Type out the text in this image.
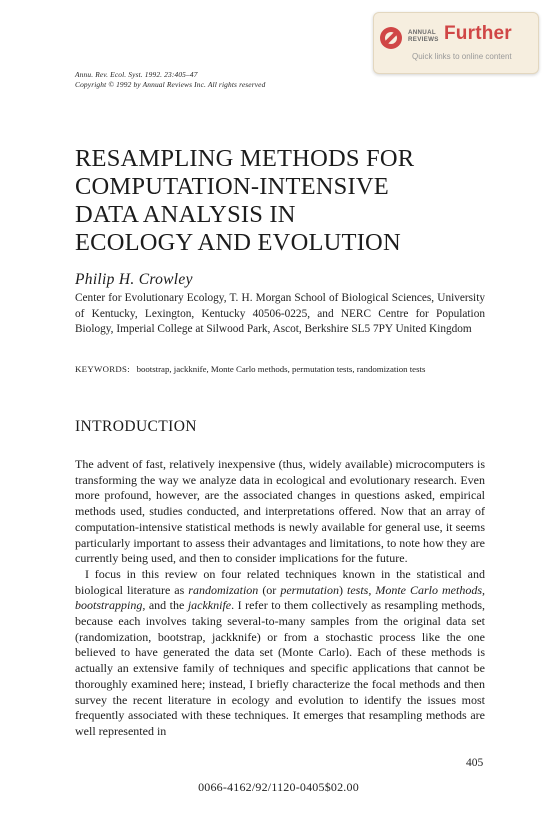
Annu. Rev. Ecol. Syst. 1992. 23:405–47
Copyright © 1992 by Annual Reviews Inc. All rights reserved
ANNUAL
REVIEWS Further
Quick links to online content
RESAMPLING METHODS FOR
COMPUTATION-INTENSIVE
DATA ANALYSIS IN
ECOLOGY AND EVOLUTION
Philip H. Crowley
Center for Evolutionary Ecology, T. H. Morgan School of Biological Sciences, University of Kentucky, Lexington, Kentucky 40506-0225, and NERC Centre for Population Biology, Imperial College at Silwood Park, Ascot, Berkshire SL5 7PY United Kingdom
KEYWORDS: bootstrap, jackknife, Monte Carlo methods, permutation tests, randomization tests
INTRODUCTION

The advent of fast, relatively inexpensive (thus, widely available) microcomputers is transforming the way we analyze data in ecological and evolutionary research. Even more profound, however, are the associated changes in questions asked, empirical methods used, studies conducted, and interpretations offered. Now that an array of computation-intensive statistical methods is newly available for general use, it seems particularly important to assess their advantages and limitations, to note how they are currently being used, and then to consider implications for the future.

I focus in this review on four related techniques known in the statistical and biological literature as randomization (or permutation) tests, Monte Carlo methods, bootstrapping, and the jackknife. I refer to them collectively as resampling methods, because each involves taking several-to-many samples from the original data set (randomization, bootstrap, jackknife) or from a stochastic process like the one believed to have generated the data set (Monte Carlo). Each of these methods is actually an extensive family of techniques and specific applications that cannot be thoroughly examined here; instead, I briefly characterize the focal methods and then survey the recent literature in ecology and evolution to identify the issues most frequently associated with these techniques. It emerges that resampling methods are well represented in

405
0066-4162/92/1120-0405$02.00
